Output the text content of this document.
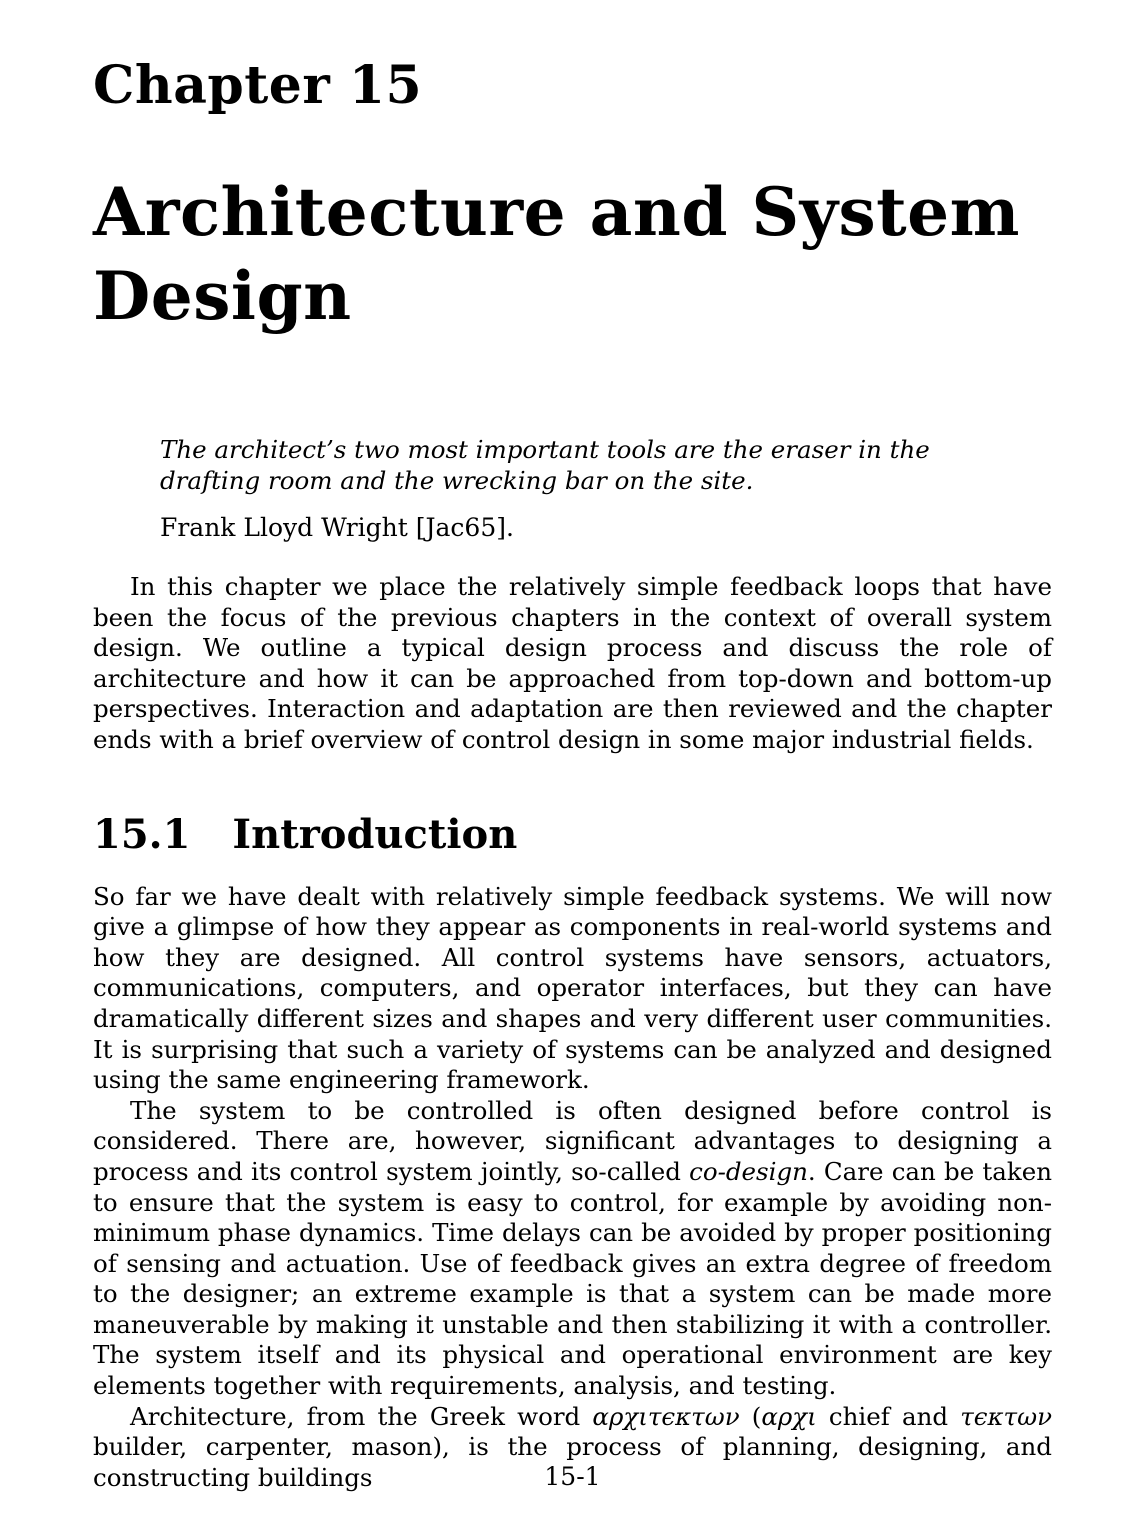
Chapter 15
Architecture and System
Design
The architect’s two most important tools are the eraser in the drafting room and the wrecking bar on the site.
Frank Lloyd Wright [Jac65].

In this chapter we place the relatively simple feedback loops that have been the focus of the previous chapters in the context of overall system design. We outline a typical design process and discuss the role of architecture and how it can be approached from top-down and bottom-up perspectives. Interaction and adaptation are then reviewed and the chapter ends with a brief overview of control design in some major industrial fields.

15.1 Introduction

So far we have dealt with relatively simple feedback systems. We will now give a glimpse of how they appear as components in real-world systems and how they are designed. All control systems have sensors, actuators, communications, computers, and operator interfaces, but they can have dramatically different sizes and shapes and very different user communities. It is surprising that such a variety of systems can be analyzed and designed using the same engineering framework.

The system to be controlled is often designed before control is considered. There are, however, significant advantages to designing a process and its control system jointly, so-called co-design. Care can be taken to ensure that the system is easy to control, for example by avoiding non-minimum phase dynamics. Time delays can be avoided by proper positioning of sensing and actuation. Use of feedback gives an extra degree of freedom to the designer; an extreme example is that a system can be made more maneuverable by making it unstable and then stabilizing it with a controller. The system itself and its physical and operational environment are key elements together with requirements, analysis, and testing.

Architecture, from the Greek word αρχιτϵκτων (αρχι chief and τϵκτων builder, carpenter, mason), is the process of planning, designing, and constructing buildings	15-1
